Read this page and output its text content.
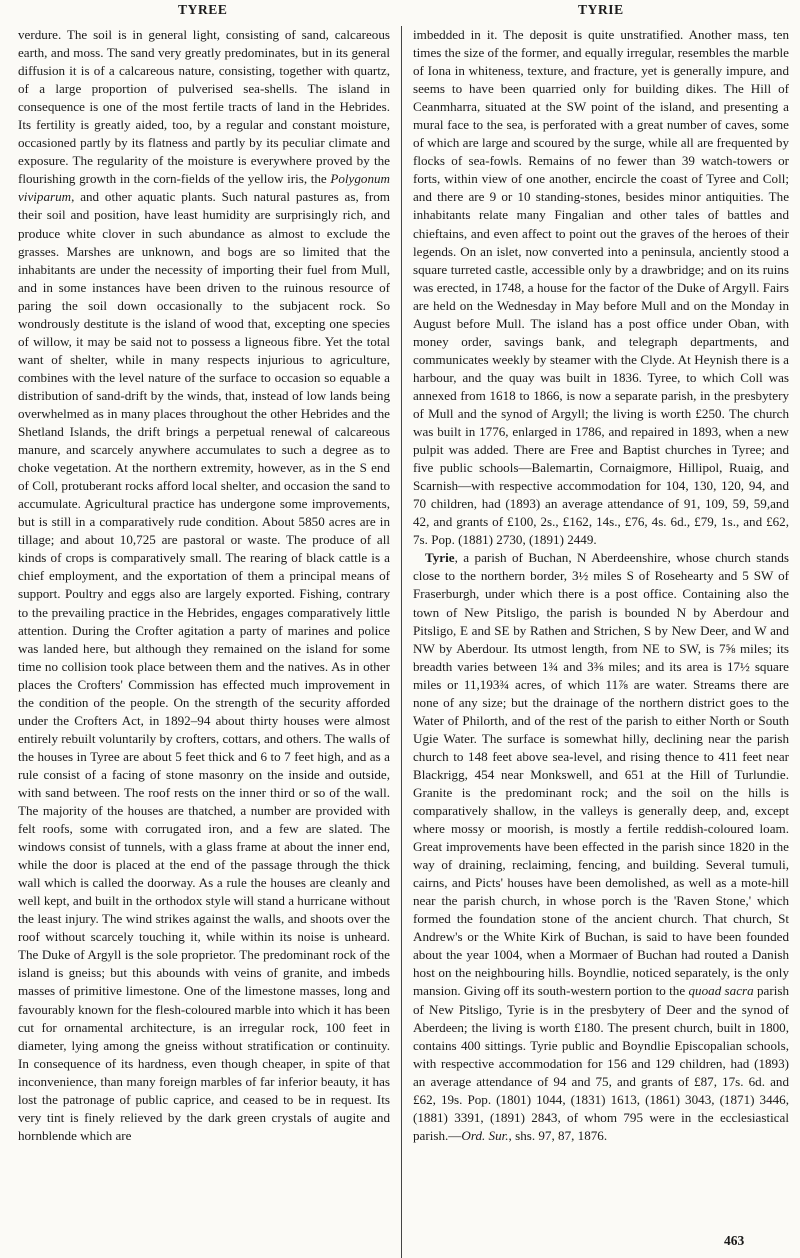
TYREE	TYRIE

verdure. The soil is in general light, consisting of sand, calcareous earth, and moss. The sand very greatly predominates, but in its general diffusion it is of a calcareous nature, consisting, together with quartz, of a large proportion of pulverised sea-shells. The island in consequence is one of the most fertile tracts of land in the Hebrides. Its fertility is greatly aided, too, by a regular and constant moisture, occasioned partly by its flatness and partly by its peculiar climate and exposure. The regularity of the moisture is everywhere proved by the flourishing growth in the corn-fields of the yellow iris, the Polygonum viviparum, and other aquatic plants. Such natural pastures as, from their soil and position, have least humidity are surprisingly rich, and produce white clover in such abundance as almost to exclude the grasses. Marshes are unknown, and bogs are so limited that the inhabitants are under the necessity of importing their fuel from Mull, and in some instances have been driven to the ruinous resource of paring the soil down occasionally to the subjacent rock. So wondrously destitute is the island of wood that, excepting one species of willow, it may be said not to possess a ligneous fibre. Yet the total want of shelter, while in many respects injurious to agriculture, combines with the level nature of the surface to occasion so equable a distribution of sand-drift by the winds, that, instead of low lands being overwhelmed as in many places throughout the other Hebrides and the Shetland Islands, the drift brings a perpetual renewal of calcareous manure, and scarcely anywhere accumulates to such a degree as to choke vegetation. At the northern extremity, however, as in the S end of Coll, protuberant rocks afford local shelter, and occasion the sand to accumulate. Agricultural practice has undergone some improvements, but is still in a comparatively rude condition. About 5850 acres are in tillage; and about 10,725 are pastoral or waste. The produce of all kinds of crops is comparatively small. The rearing of black cattle is a chief employment, and the exportation of them a principal means of support. Poultry and eggs also are largely exported. Fishing, contrary to the prevailing practice in the Hebrides, engages comparatively little attention. During the Crofter agitation a party of marines and police was landed here, but although they remained on the island for some time no collision took place between them and the natives. As in other places the Crofters' Commission has effected much improvement in the condition of the people. On the strength of the security afforded under the Crofters Act, in 1892–94 about thirty houses were almost entirely rebuilt voluntarily by crofters, cottars, and others. The walls of the houses in Tyree are about 5 feet thick and 6 to 7 feet high, and as a rule consist of a facing of stone masonry on the inside and outside, with sand between. The roof rests on the inner third or so of the wall. The majority of the houses are thatched, a number are provided with felt roofs, some with corrugated iron, and a few are slated. The windows consist of tunnels, with a glass frame at about the inner end, while the door is placed at the end of the passage through the thick wall which is called the doorway. As a rule the houses are cleanly and well kept, and built in the orthodox style will stand a hurricane without the least injury. The wind strikes against the walls, and shoots over the roof without scarcely touching it, while within its noise is unheard. The Duke of Argyll is the sole proprietor. The predominant rock of the island is gneiss; but this abounds with veins of granite, and imbeds masses of primitive limestone. One of the limestone masses, long and favourably known for the flesh-coloured marble into which it has been cut for ornamental architecture, is an irregular rock, 100 feet in diameter, lying among the gneiss without stratification or continuity. In consequence of its hardness, even though cheaper, in spite of that inconvenience, than many foreign marbles of far inferior beauty, it has lost the patronage of public caprice, and ceased to be in request. Its very tint is finely relieved by the dark green crystals of augite and hornblende which are

imbedded in it. The deposit is quite unstratified. Another mass, ten times the size of the former, and equally irregular, resembles the marble of Iona in whiteness, texture, and fracture, yet is generally impure, and seems to have been quarried only for building dikes. The Hill of Ceanmharra, situated at the SW point of the island, and presenting a mural face to the sea, is perforated with a great number of caves, some of which are large and scoured by the surge, while all are frequented by flocks of sea-fowls. Remains of no fewer than 39 watch-towers or forts, within view of one another, encircle the coast of Tyree and Coll; and there are 9 or 10 standing-stones, besides minor antiquities. The inhabitants relate many Fingalian and other tales of battles and chieftains, and even affect to point out the graves of the heroes of their legends. On an islet, now converted into a peninsula, anciently stood a square turreted castle, accessible only by a drawbridge; and on its ruins was erected, in 1748, a house for the factor of the Duke of Argyll. Fairs are held on the Wednesday in May before Mull and on the Monday in August before Mull. The island has a post office under Oban, with money order, savings bank, and telegraph departments, and communicates weekly by steamer with the Clyde. At Heynish there is a harbour, and the quay was built in 1836. Tyree, to which Coll was annexed from 1618 to 1866, is now a separate parish, in the presbytery of Mull and the synod of Argyll; the living is worth £250. The church was built in 1776, enlarged in 1786, and repaired in 1893, when a new pulpit was added. There are Free and Baptist churches in Tyree; and five public schools—Balemartin, Cornaigmore, Hillipol, Ruaig, and Scarnish—with respective accommodation for 104, 130, 120, 94, and 70 children, had (1893) an average attendance of 91, 109, 59, 59,and 42, and grants of £100, 2s., £162, 14s., £76, 4s. 6d., £79, 1s., and £62, 7s. Pop. (1881) 2730, (1891) 2449.

Tyrie, a parish of Buchan, N Aberdeenshire, whose church stands close to the northern border, 3½ miles S of Rosehearty and 5 SW of Fraserburgh, under which there is a post office. Containing also the town of New Pitsligo, the parish is bounded N by Aberdour and Pitsligo, E and SE by Rathen and Strichen, S by New Deer, and W and NW by Aberdour. Its utmost length, from NE to SW, is 7⅝ miles; its breadth varies between 1¾ and 3⅜ miles; and its area is 17½ square miles or 11,193¾ acres, of which 11⅞ are water. Streams there are none of any size; but the drainage of the northern district goes to the Water of Philorth, and of the rest of the parish to either North or South Ugie Water. The surface is somewhat hilly, declining near the parish church to 148 feet above sea-level, and rising thence to 411 feet near Blackrigg, 454 near Monkswell, and 651 at the Hill of Turlundie. Granite is the predominant rock; and the soil on the hills is comparatively shallow, in the valleys is generally deep, and, except where mossy or moorish, is mostly a fertile reddish-coloured loam. Great improvements have been effected in the parish since 1820 in the way of draining, reclaiming, fencing, and building. Several tumuli, cairns, and Picts' houses have been demolished, as well as a mote-hill near the parish church, in whose porch is the 'Raven Stone,' which formed the foundation stone of the ancient church. That church, St Andrew's or the White Kirk of Buchan, is said to have been founded about the year 1004, when a Mormaer of Buchan had routed a Danish host on the neighbouring hills. Boyndlie, noticed separately, is the only mansion. Giving off its south-western portion to the quoad sacra parish of New Pitsligo, Tyrie is in the presbytery of Deer and the synod of Aberdeen; the living is worth £180. The present church, built in 1800, contains 400 sittings. Tyrie public and Boyndlie Episcopalian schools, with respective accommodation for 156 and 129 children, had (1893) an average attendance of 94 and 75, and grants of £87, 17s. 6d. and £62, 19s. Pop. (1801) 1044, (1831) 1613, (1861) 3043, (1871) 3446, (1881) 3391, (1891) 2843, of whom 795 were in the ecclesiastical parish.—Ord. Sur., shs. 97, 87, 1876.

463
